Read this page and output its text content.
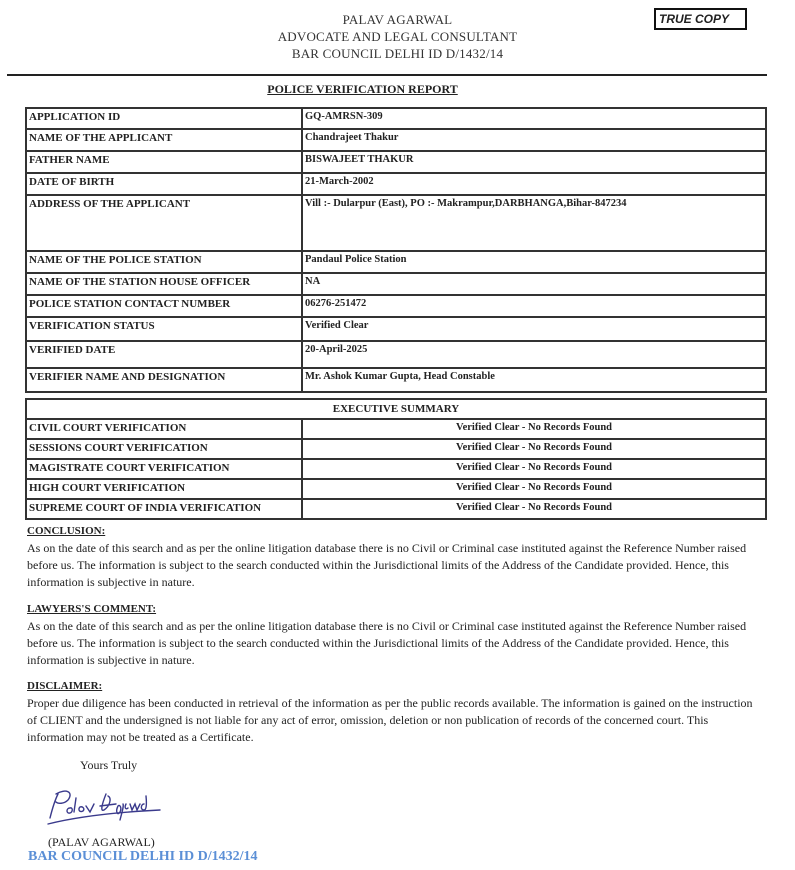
PALAV AGARWAL
ADVOCATE AND LEGAL CONSULTANT
BAR COUNCIL DELHI ID D/1432/14
TRUE COPY
POLICE VERIFICATION REPORT
APPLICATION ID	GQ-AMRSN-309
NAME OF THE APPLICANT	Chandrajeet Thakur
FATHER NAME	BISWAJEET THAKUR
DATE OF BIRTH	21-March-2002
ADDRESS OF THE APPLICANT	Vill :- Dularpur (East), PO :- Makrampur,DARBHANGA,Bihar-847234
NAME OF THE POLICE STATION	Pandaul Police Station
NAME OF THE STATION HOUSE OFFICER	NA
POLICE STATION CONTACT NUMBER	06276-251472
VERIFICATION STATUS	Verified Clear
VERIFIED DATE	20-April-2025
VERIFIER NAME AND DESIGNATION	Mr. Ashok Kumar Gupta, Head Constable
EXECUTIVE SUMMARY	
CIVIL COURT VERIFICATION	Verified Clear - No Records Found
SESSIONS COURT VERIFICATION	Verified Clear - No Records Found
MAGISTRATE COURT VERIFICATION	Verified Clear - No Records Found
HIGH COURT VERIFICATION	Verified Clear - No Records Found
SUPREME COURT OF INDIA VERIFICATION	Verified Clear - No Records Found
CONCLUSION:
As on the date of this search and as per the online litigation database there is no Civil or Criminal case instituted against the Reference Number raised before us. The information is subject to the search conducted within the Jurisdictional limits of the Address of the Candidate provided. Hence, this information is subjective in nature.
LAWYERS'S COMMENT:
As on the date of this search and as per the online litigation database there is no Civil or Criminal case instituted against the Reference Number raised before us. The information is subject to the search conducted within the Jurisdictional limits of the Address of the Candidate provided. Hence, this information is subjective in nature.
DISCLAIMER:
Proper due diligence has been conducted in retrieval of the information as per the public records available. The information is gained on the instruction of CLIENT and the undersigned is not liable for any act of error, omission, deletion or non publication of records of the concerned court. This information may not be treated as a Certificate.
Yours Truly
(PALAV AGARWAL)
BAR COUNCIL DELHI ID D/1432/14
